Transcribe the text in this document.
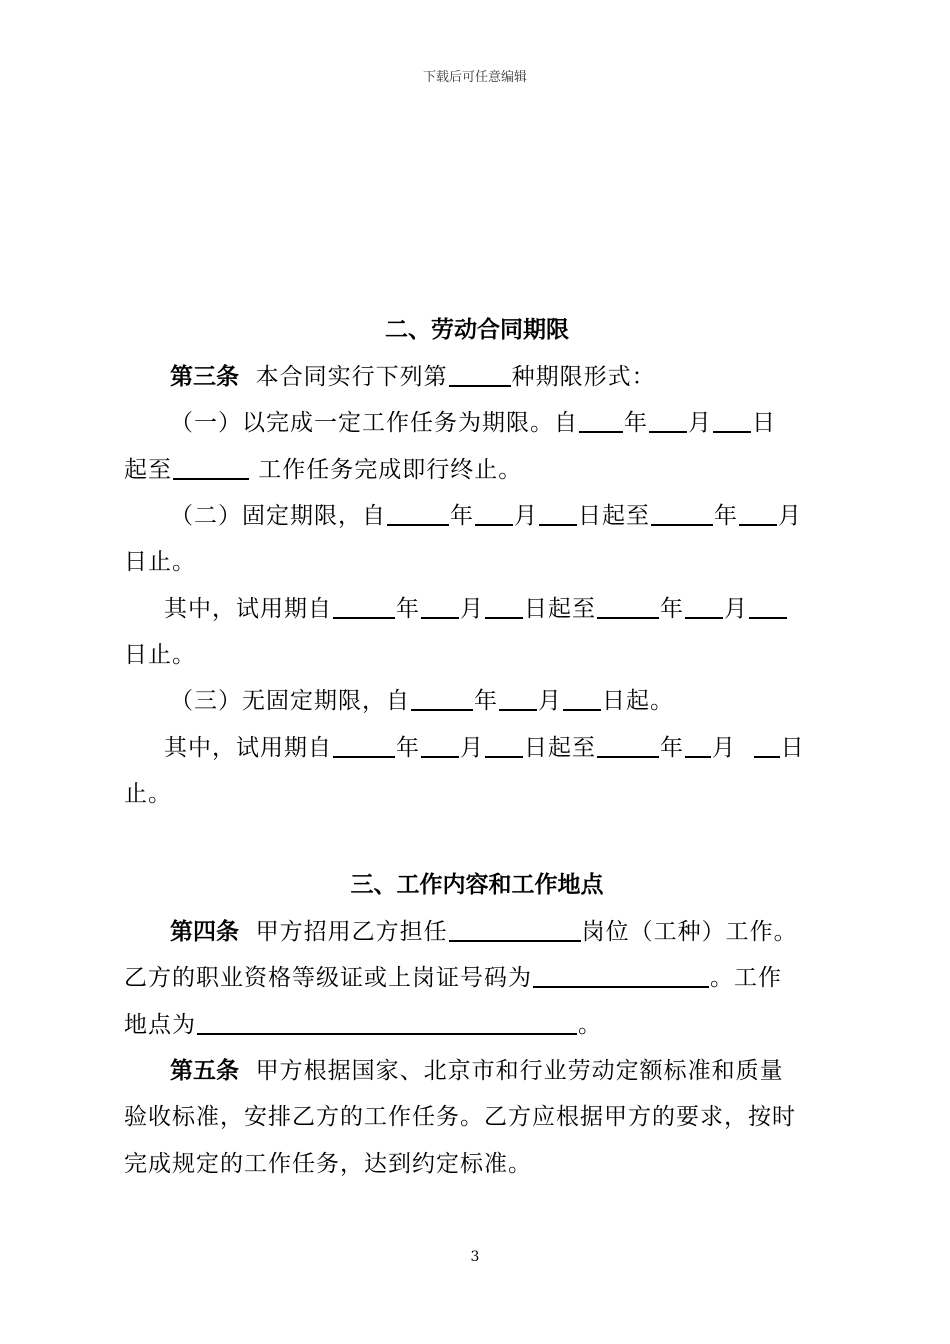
下载后可任意编辑
二、劳动合同期限
第三条 本合同实行下列第	种期限形式：
（一）以完成一定工作任务为期限。自 年 月 日
起至	工作任务完成即行终止。
（二）固定期限，自	年 月 日起至	年 月
日止。
其中，试用期自	年 月 日起至	年 月
日止。
（三）无固定期限，自	年 月 日起。
其中，试用期自	年 月 日起至	年 月 日
止。
三、工作内容和工作地点
第四条 甲方招用乙方担任	岗位（工种）工作。
乙方的职业资格等级证或上岗证号码为	。工作
地点为	。
第五条 甲方根据国家、北京市和行业劳动定额标准和质量
验收标准，安排乙方的工作任务。乙方应根据甲方的要求，按时
完成规定的工作任务，达到约定标准。
3
